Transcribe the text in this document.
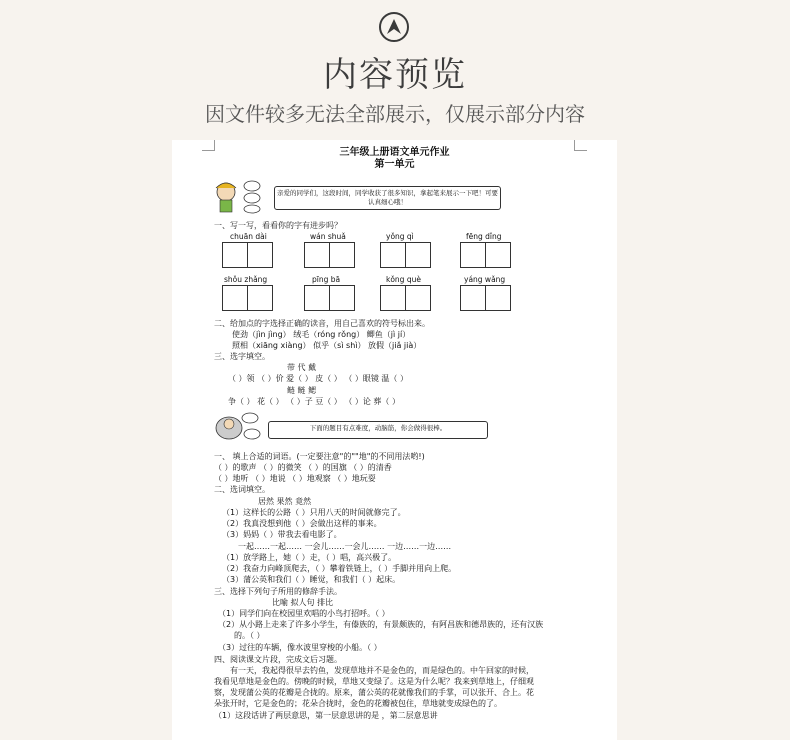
内容预览
因文件较多无法全部展示，仅展示部分内容
三年级上册语文单元作业
第一单元
亲爱的同学们，这段时间，同学收获了很多知识，拿起笔来展示一下吧！可要认真细心哦！
一、写一写，看看你的字有进步吗？
chuān dài	wán shuǎ	yǒng qì	fēng dǐng
shǒu zhǎng	pīng bā	kǒng què	yáng wǎng
二、给加点的字选择正确的读音，用自己喜欢的符号标出来。
使劲（jìn jìng） 绒毛（róng rǒng） 鲫鱼（jì jí）
照相（xiāng xiàng） 似乎（sì shì） 放假（jiǎ jià）
三、选字填空。
带 代 戴
（ ）领 （ ）价 爱（ ） 皮（ ） （ ）眼镜 温（ ）
鲢 鲢 鳃
争（ ） 花（ ） （ ）子 豆（ ） （ ）论 葬（ ）
下面的题目有点难度，动脑筋，你会做得很棒。
一、 填上合适的词语。(一定要注意"的""地"的不同用法哟!)
（ ）的歌声 （ ）的微笑 （ ）的国旗 （ ）的清香
（ ）地听 （ ）地说 （ ）地观察 （ ）地玩耍
二、选词填空。
居然 果然 竟然
（1）这样长的公路（ ）只用八天的时间就修完了。
（2）我真没想到他（ ）会做出这样的事来。
（3）妈妈（ ）带我去看电影了。
一起……一起…… 一会儿……一会儿…… 一边……一边……
（1）放学路上，她（ ）走，（ ）唱，高兴极了。
（2）我奋力向峰顶爬去，（ ）攀着铁链上，（ ）手脚并用向上爬。
（3）蒲公英和我们（ ）睡觉，和我们（ ）起床。
三、选择下列句子所用的修辞手法。
比喻 拟人句 排比
（1）同学们向在校园里欢唱的小鸟打招呼。（ ）
（2）从小路上走来了许多小学生，有傣族的，有景颇族的，有阿昌族和德昂族的，还有汉族
的。（ ）
（3）过往的车辆，像水波里穿梭的小船。（ ）
四、阅读课文片段，完成文后习题。
　　有一天，我起得很早去钓鱼，发现草地并不是金色的，而是绿色的。中午回家的时候，
我看见草地是金色的。傍晚的时候，草地又变绿了。这是为什么呢？我来到草地上，仔细观
察，发现蒲公英的花瓣是合拢的。原来，蒲公英的花就像我们的手掌，可以张开、合上。花
朵张开时，它是金色的；花朵合拢时，金色的花瓣被包住，草地就变成绿色的了。
（1）这段话讲了两层意思，第一层意思讲的是 ，第二层意思讲
